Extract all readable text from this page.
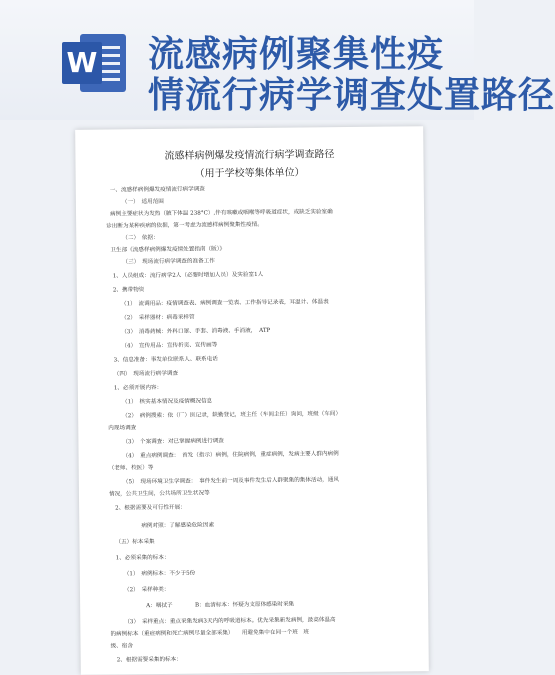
W 流感病例聚集性疫
情流行病学调查处置路径
流感样病例爆发疫情流行病学调查路径
（用于学校等集体单位）
一、流感样病例爆发疫情流行病学调查
（一）　适用范围
病例主要症状为发热（腋下体温 238°C）,伴有咳嗽或咽喉等呼吸道症状，或缺乏实验室确
诊出断为某种疾病的依据，第一考虑为流感样病例聚集性疫情。
（二）　依据：
卫生部《流感样病例爆发疫情处置指南（版）》
（三）　现场流行病学调查的准备工作
1、人员组成：流行病学2人（必要时增加人员）及实验室1人
2、携带物资
（1）　流调用品：疫情调查表、病例调查一览表、工作指导记录表，耳温计、体温表
（2）　采样器材：病毒采样管
（3）　消毒药械：外科口罩、手套、消毒液、手消液，　ATP
（4）　宣传用品：宣传折页、宣传画等
3、信息准备：事发单位联系人、联系电话
（四）　现场流行病学调查
1、必须开展内容：
（1）　核实基本情况及疫情概况信息
（2）　病例搜索：依（厂）医记录，缺勤登记，班主任（车间主任）询问，班级（车间）
内现场调查
（3）　个案调查：对已掌握病例进行调查
（4）　重点病例调查：　首发（指示）病例，住院病例，重症病例，发病主要人群内病例
（老师、校医）等
（5）　现场环境卫生学调查：　事件发生前一周及事件发生后人群聚集的集体活动，通风
情况，公共卫生间，公共场所卫生状况等
2、根据需要及可行性开展：
病例对照：了解感染危险因素
（五）标本采集
1、必须采集的标本：
（1）　病例标本：不少于5份
（2）　采样种类：
A：咽拭子　　　　B：血清标本：怀疑为支原体感染时采集
（3）　采样重点：重点采集发病3天内的呼吸道标本。优先采集新发病例，最高体温高
的病例标本（重症病例和死亡病例尽量全部采集）　　用避免集中在同一个班　班
级、宿舍
2、根据需要采集的标本：
